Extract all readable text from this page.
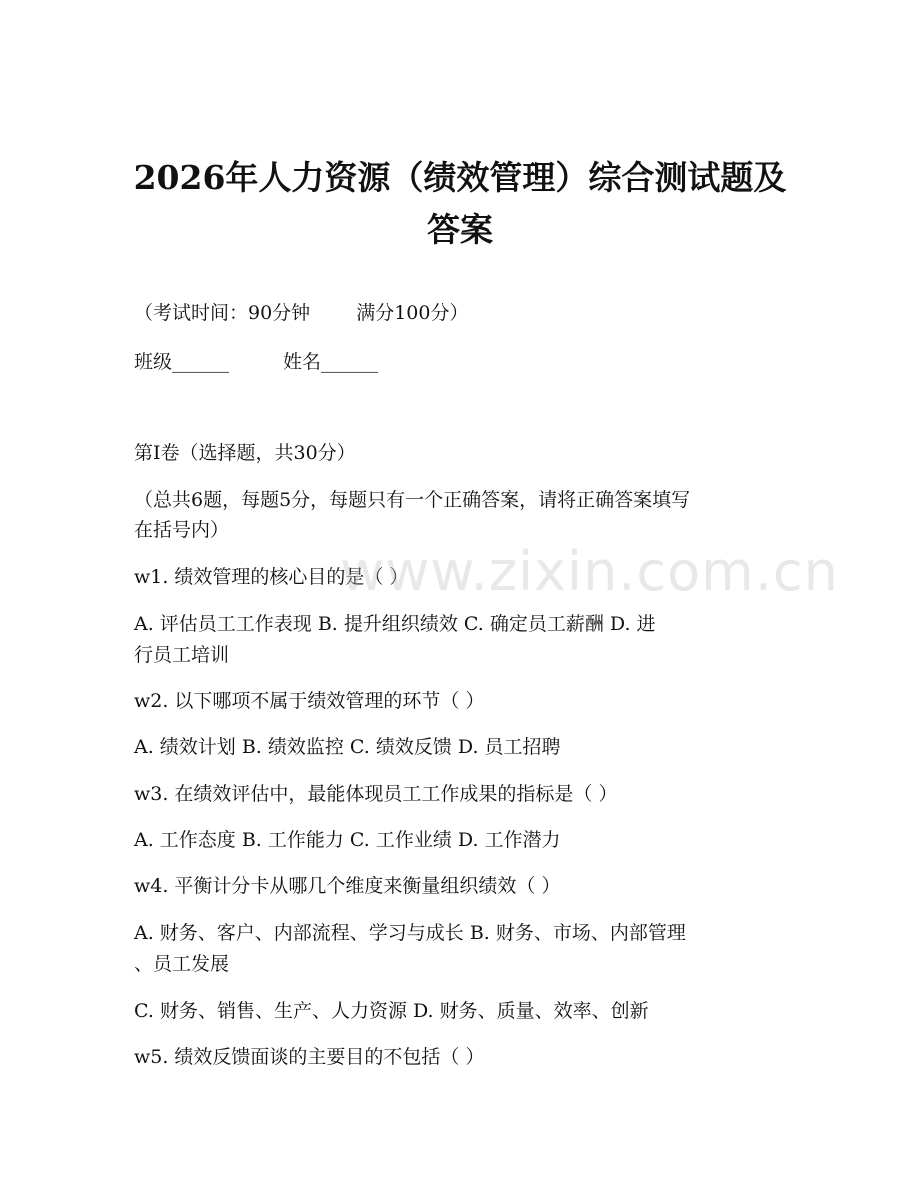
2026年人力资源（绩效管理）综合测试题及
答案
（考试时间：90分钟 满分100分）
班级______	姓名______
第Ⅰ卷（选择题，共30分）
（总共6题，每题5分，每题只有一个正确答案，请将正确答案填写
在括号内）
w1. 绩效管理的核心目的是（ ）
A. 评估员工工作表现 B. 提升组织绩效 C. 确定员工薪酬 D. 进
行员工培训
w2. 以下哪项不属于绩效管理的环节（ ）
A. 绩效计划 B. 绩效监控 C. 绩效反馈 D. 员工招聘
w3. 在绩效评估中，最能体现员工工作成果的指标是（ ）
A. 工作态度 B. 工作能力 C. 工作业绩 D. 工作潜力
w4. 平衡计分卡从哪几个维度来衡量组织绩效（ ）
A. 财务、客户、内部流程、学习与成长 B. 财务、市场、内部管理
、员工发展
C. 财务、销售、生产、人力资源 D. 财务、质量、效率、创新
w5. 绩效反馈面谈的主要目的不包括（ ）
www.zixin.com.cn
